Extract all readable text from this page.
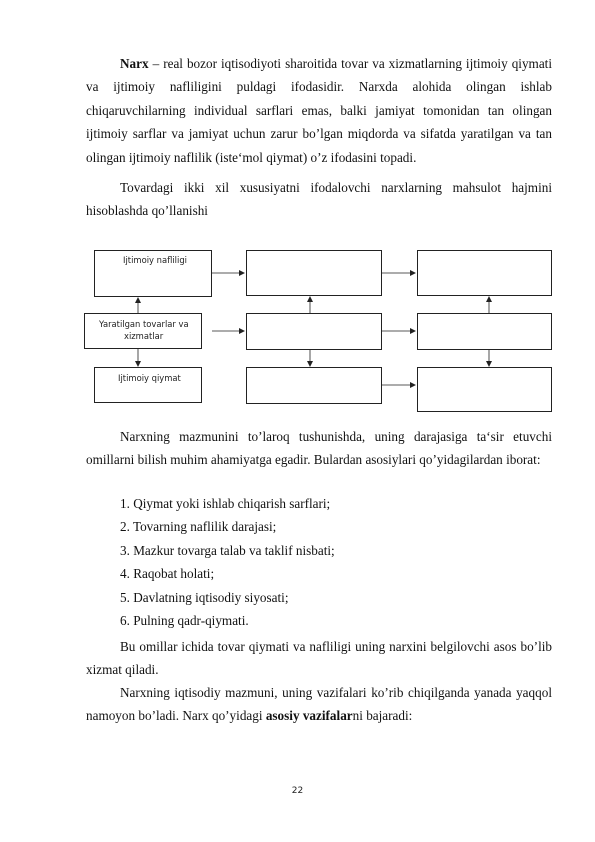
Narx – real bozor iqtisodiyoti sharoitida tovar va xizmatlarning ijtimoiy qiymati va ijtimoiy nafliligini puldagi ifodasidir. Narxda alohida olingan ishlab chiqaruvchilarning individual sarflari emas, balki jamiyat tomonidan tan olingan ijtimoiy sarflar va jamiyat uchun zarur bo’lgan miqdorda va sifatda yaratilgan va tan olingan ijtimoiy naflilik (iste‘mol qiymat) o’z ifodasini topadi.
Tovardagi ikki xil xususiyatni ifodalovchi narxlarning mahsulot hajmini hisoblashda qo’llanishi
Ijtimoiy nafliligi
Yaratilgan tovarlar va
xizmatlar
Ijtimoiy qiymat
Narxning mazmunini to’laroq tushunishda, uning darajasiga ta‘sir etuvchi omillarni bilish muhim ahamiyatga egadir. Bulardan asosiylari qo’yidagilardan iborat:
1. Qiymat yoki ishlab chiqarish sarflari;
2. Tovarning naflilik darajasi;
3. Mazkur tovarga talab va taklif nisbati;
4. Raqobat holati;
5. Davlatning iqtisodiy siyosati;
6. Pulning qadr-qiymati.
Bu omillar ichida tovar qiymati va nafliligi uning narxini belgilovchi asos bo’lib xizmat qiladi.
Narxning iqtisodiy mazmuni, uning vazifalari ko’rib chiqilganda yanada yaqqol namoyon bo’ladi. Narx qo’yidagi asosiy vazifalarni bajaradi:
22
